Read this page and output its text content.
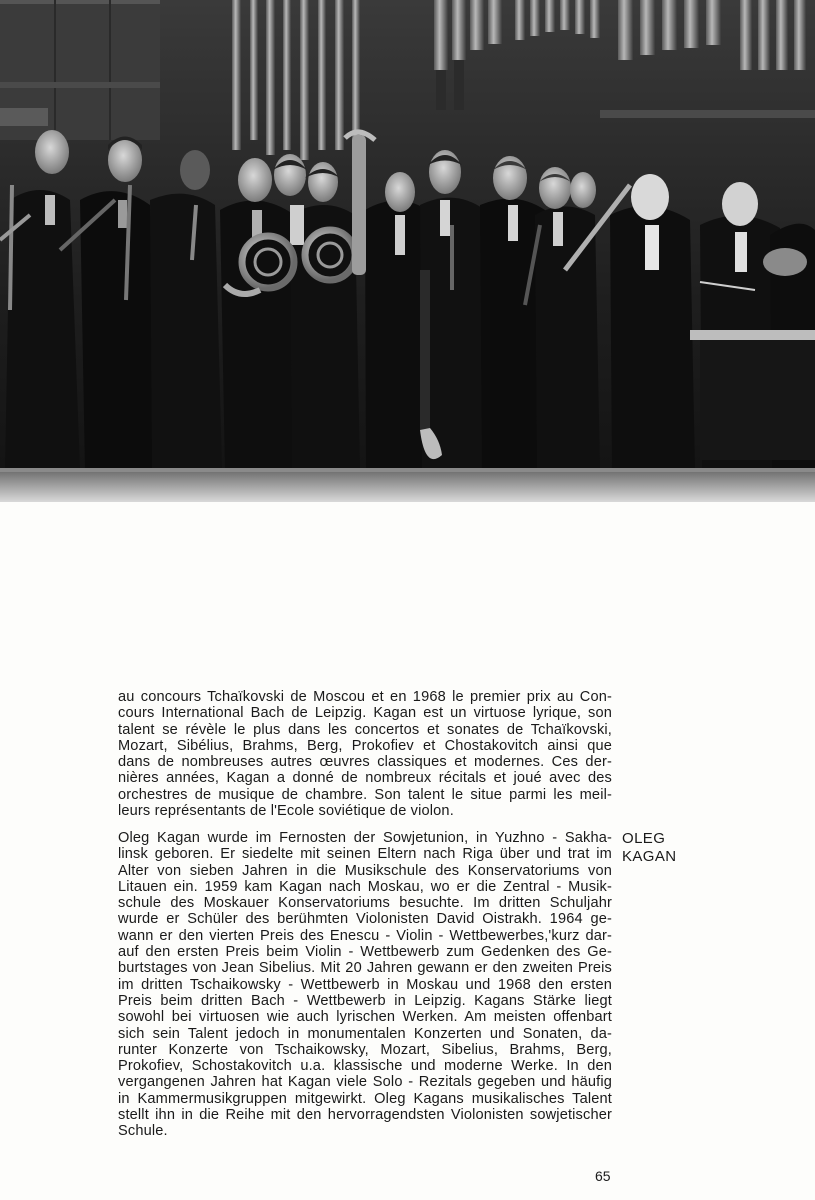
au concours Tchaïkovski de Moscou et en 1968 le premier prix au Con-
cours International Bach de Leipzig. Kagan est un virtuose lyrique, son
talent se révèle le plus dans les concertos et sonates de Tchaïkovski,
Mozart, Sibélius, Brahms, Berg, Prokofiev et Chostakovitch ainsi que
dans de nombreuses autres œuvres classiques et modernes. Ces der-
nières années, Kagan a donné de nombreux récitals et joué avec des
orchestres de musique de chambre. Son talent le situe parmi les meil-
leurs représentants de l'Ecole soviétique de violon.
Oleg Kagan wurde im Fernosten der Sowjetunion, in Yuzhno - Sakha-
linsk geboren. Er siedelte mit seinen Eltern nach Riga über und trat im
Alter von sieben Jahren in die Musikschule des Konservatoriums von
Litauen ein. 1959 kam Kagan nach Moskau, wo er die Zentral - Musik-
schule des Moskauer Konservatoriums besuchte. Im dritten Schuljahr
wurde er Schüler des berühmten Violonisten David Oistrakh. 1964 ge-
wann er den vierten Preis des Enescu - Violin - Wettbewerbes,'kurz dar-
auf den ersten Preis beim Violin - Wettbewerb zum Gedenken des Ge-
burtstages von Jean Sibelius. Mit 20 Jahren gewann er den zweiten Preis
im dritten Tschaikowsky - Wettbewerb in Moskau und 1968 den ersten
Preis beim dritten Bach - Wettbewerb in Leipzig. Kagans Stärke liegt
sowohl bei virtuosen wie auch lyrischen Werken. Am meisten offenbart
sich sein Talent jedoch in monumentalen Konzerten und Sonaten, da-
runter Konzerte von Tschaikowsky, Mozart, Sibelius, Brahms, Berg,
Prokofiev, Schostakovitch u.a. klassische und moderne Werke. In den
vergangenen Jahren hat Kagan viele Solo - Rezitals gegeben und häufig
in Kammermusikgruppen mitgewirkt. Oleg Kagans musikalisches Talent
stellt ihn in die Reihe mit den hervorragendsten Violonisten sowjetischer
Schule.
OLEG
KAGAN
65
